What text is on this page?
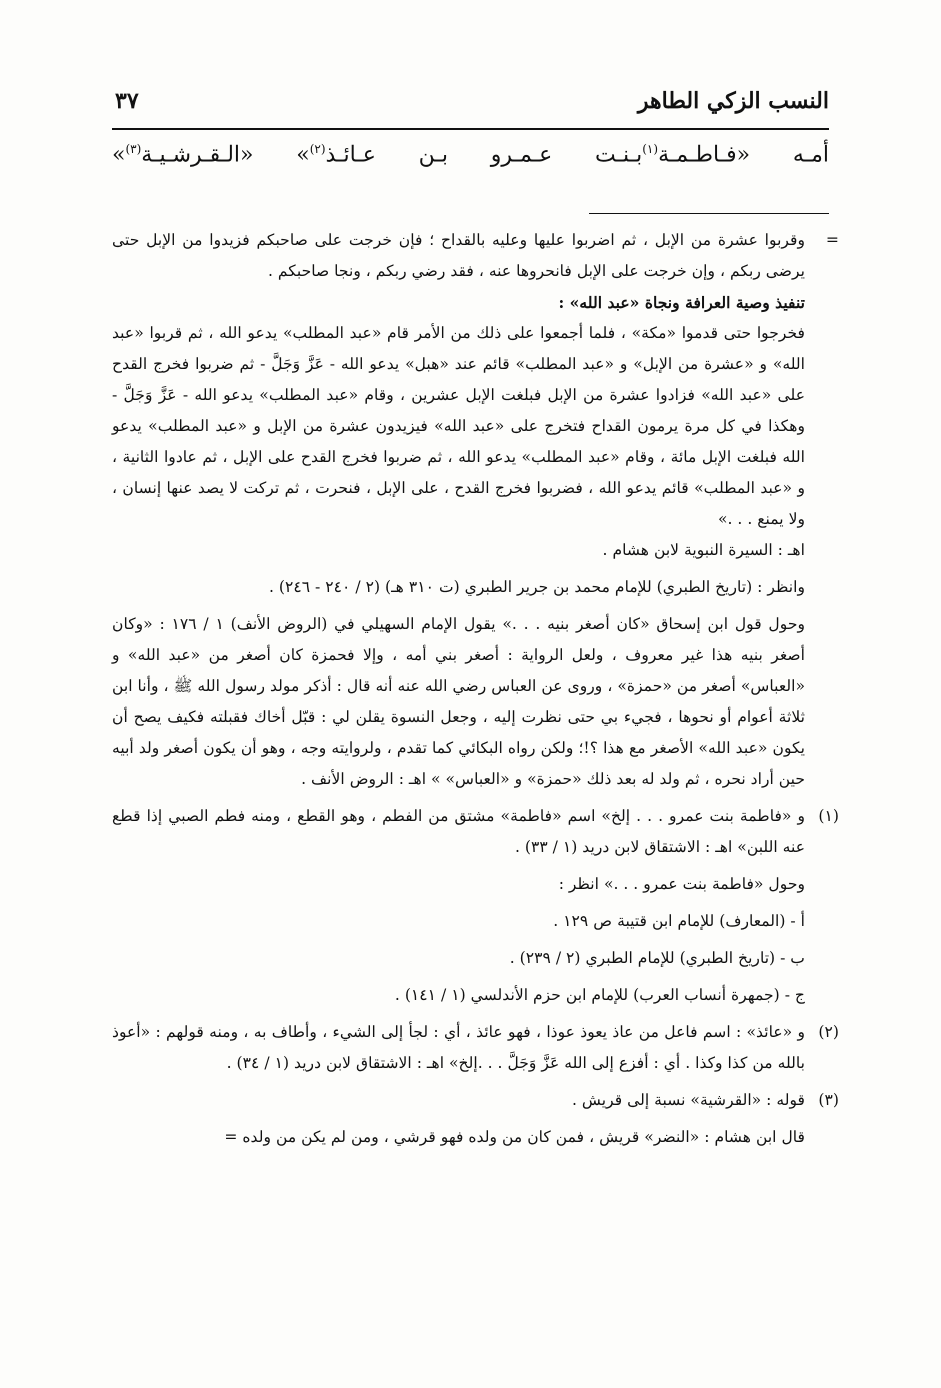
النسب الزكي الطاهر
٣٧
أمـه «فـاطـمـة$^{(١)}$بـنـت عـمـرو بـن عـائـذ$^{(٢)}$» «الـقـرشـيـة$^{(٣)}$»

=
وقربوا عشرة من الإبل ، ثم اضربوا عليها وعليه بالقداح ؛ فإن خرجت على صاحبكم فزيدوا من الإبل حتى يرضى ربكم ، وإن خرجت على الإبل فانحروها عنه ، فقد رضي ربكم ، ونجا صاحبكم .

تنفيذ وصية العرافة ونجاة «عبد الله» :

فخرجوا حتى قدموا «مكة» ، فلما أجمعوا على ذلك من الأمر قام «عبد المطلب» يدعو الله ، ثم قربوا «عبد الله» و «عشرة من الإبل» و «عبد المطلب» قائم عند «هبل» يدعو الله - عَزَّ وَجَلَّ - ثم ضربوا فخرج القدح على «عبد الله» فزادوا عشرة من الإبل فبلغت الإبل عشرين ، وقام «عبد المطلب» يدعو الله - عَزَّ وَجَلَّ - وهكذا في كل مرة يرمون القداح فتخرج على «عبد الله» فيزيدون عشرة من الإبل و «عبد المطلب» يدعو الله فبلغت الإبل مائة ، وقام «عبد المطلب» يدعو الله ، ثم ضربوا فخرج القدح على الإبل ، ثم عادوا الثانية ، و «عبد المطلب» قائم يدعو الله ، فضربوا فخرج القدح ، على الإبل ، فنحرت ، ثم تركت لا يصد عنها إنسان ، ولا يمنع . . .»

اهـ : السيرة النبوية لابن هشام .

وانظر : (تاريخ الطبري) للإمام محمد بن جرير الطبري (ت ٣١٠ هـ) (٢ / ٢٤٠ - ٢٤٦) .

وحول قول ابن إسحاق «كان أصغر بنيه . . .» يقول الإمام السهيلي في (الروض الأنف) ١ / ١٧٦ : «وكان أصغر بنيه هذا غير معروف ، ولعل الرواية : أصغر بني أمه ، وإلا فحمزة كان أصغر من «عبد الله» و «العباس» أصغر من «حمزة» ، وروى عن العباس رضي الله عنه أنه قال : أذكر مولد رسول الله ﷺ ، وأنا ابن ثلاثة أعوام أو نحوها ، فجيء بي حتى نظرت إليه ، وجعل النسوة يقلن لي : قبّل أخاك فقبلته فكيف يصح أن يكون «عبد الله» الأصغر مع هذا ؟!؛ ولكن رواه البكائي كما تقدم ، ولروايته وجه ، وهو أن يكون أصغر ولد أبيه حين أراد نحره ، ثم ولد له بعد ذلك «حمزة» و «العباس» » اهـ : الروض الأنف .

(١)
و «فاطمة بنت عمرو . . . إلخ» اسم «فاطمة» مشتق من الفطم ، وهو القطع ، ومنه فطم الصبي إذا قطع عنه اللبن» اهـ : الاشتقاق لابن دريد (١ / ٣٣) .

وحول «فاطمة بنت عمرو . . .» انظر :

أ - (المعارف) للإمام ابن قتيبة ص ١٢٩ .

ب - (تاريخ الطبري) للإمام الطبري (٢ / ٢٣٩) .

ج - (جمهرة أنساب العرب) للإمام ابن حزم الأندلسي (١ / ١٤١) .

(٢)
و «عائذ» : اسم فاعل من عاذ يعوذ عوذا ، فهو عائذ ، أي : لجأ إلى الشيء ، وأطاف به ، ومنه قولهم : «أعوذ بالله من كذا وكذا . أي : أفزع إلى الله عَزَّ وَجَلَّ . . .إلخ» اهـ : الاشتقاق لابن دريد (١ / ٣٤) .

(٣)
قوله : «القرشية» نسبة إلى قريش .

قال ابن هشام : «النضر» قريش ، فمن كان من ولده فهو قرشي ، ومن لم يكن من ولده =
